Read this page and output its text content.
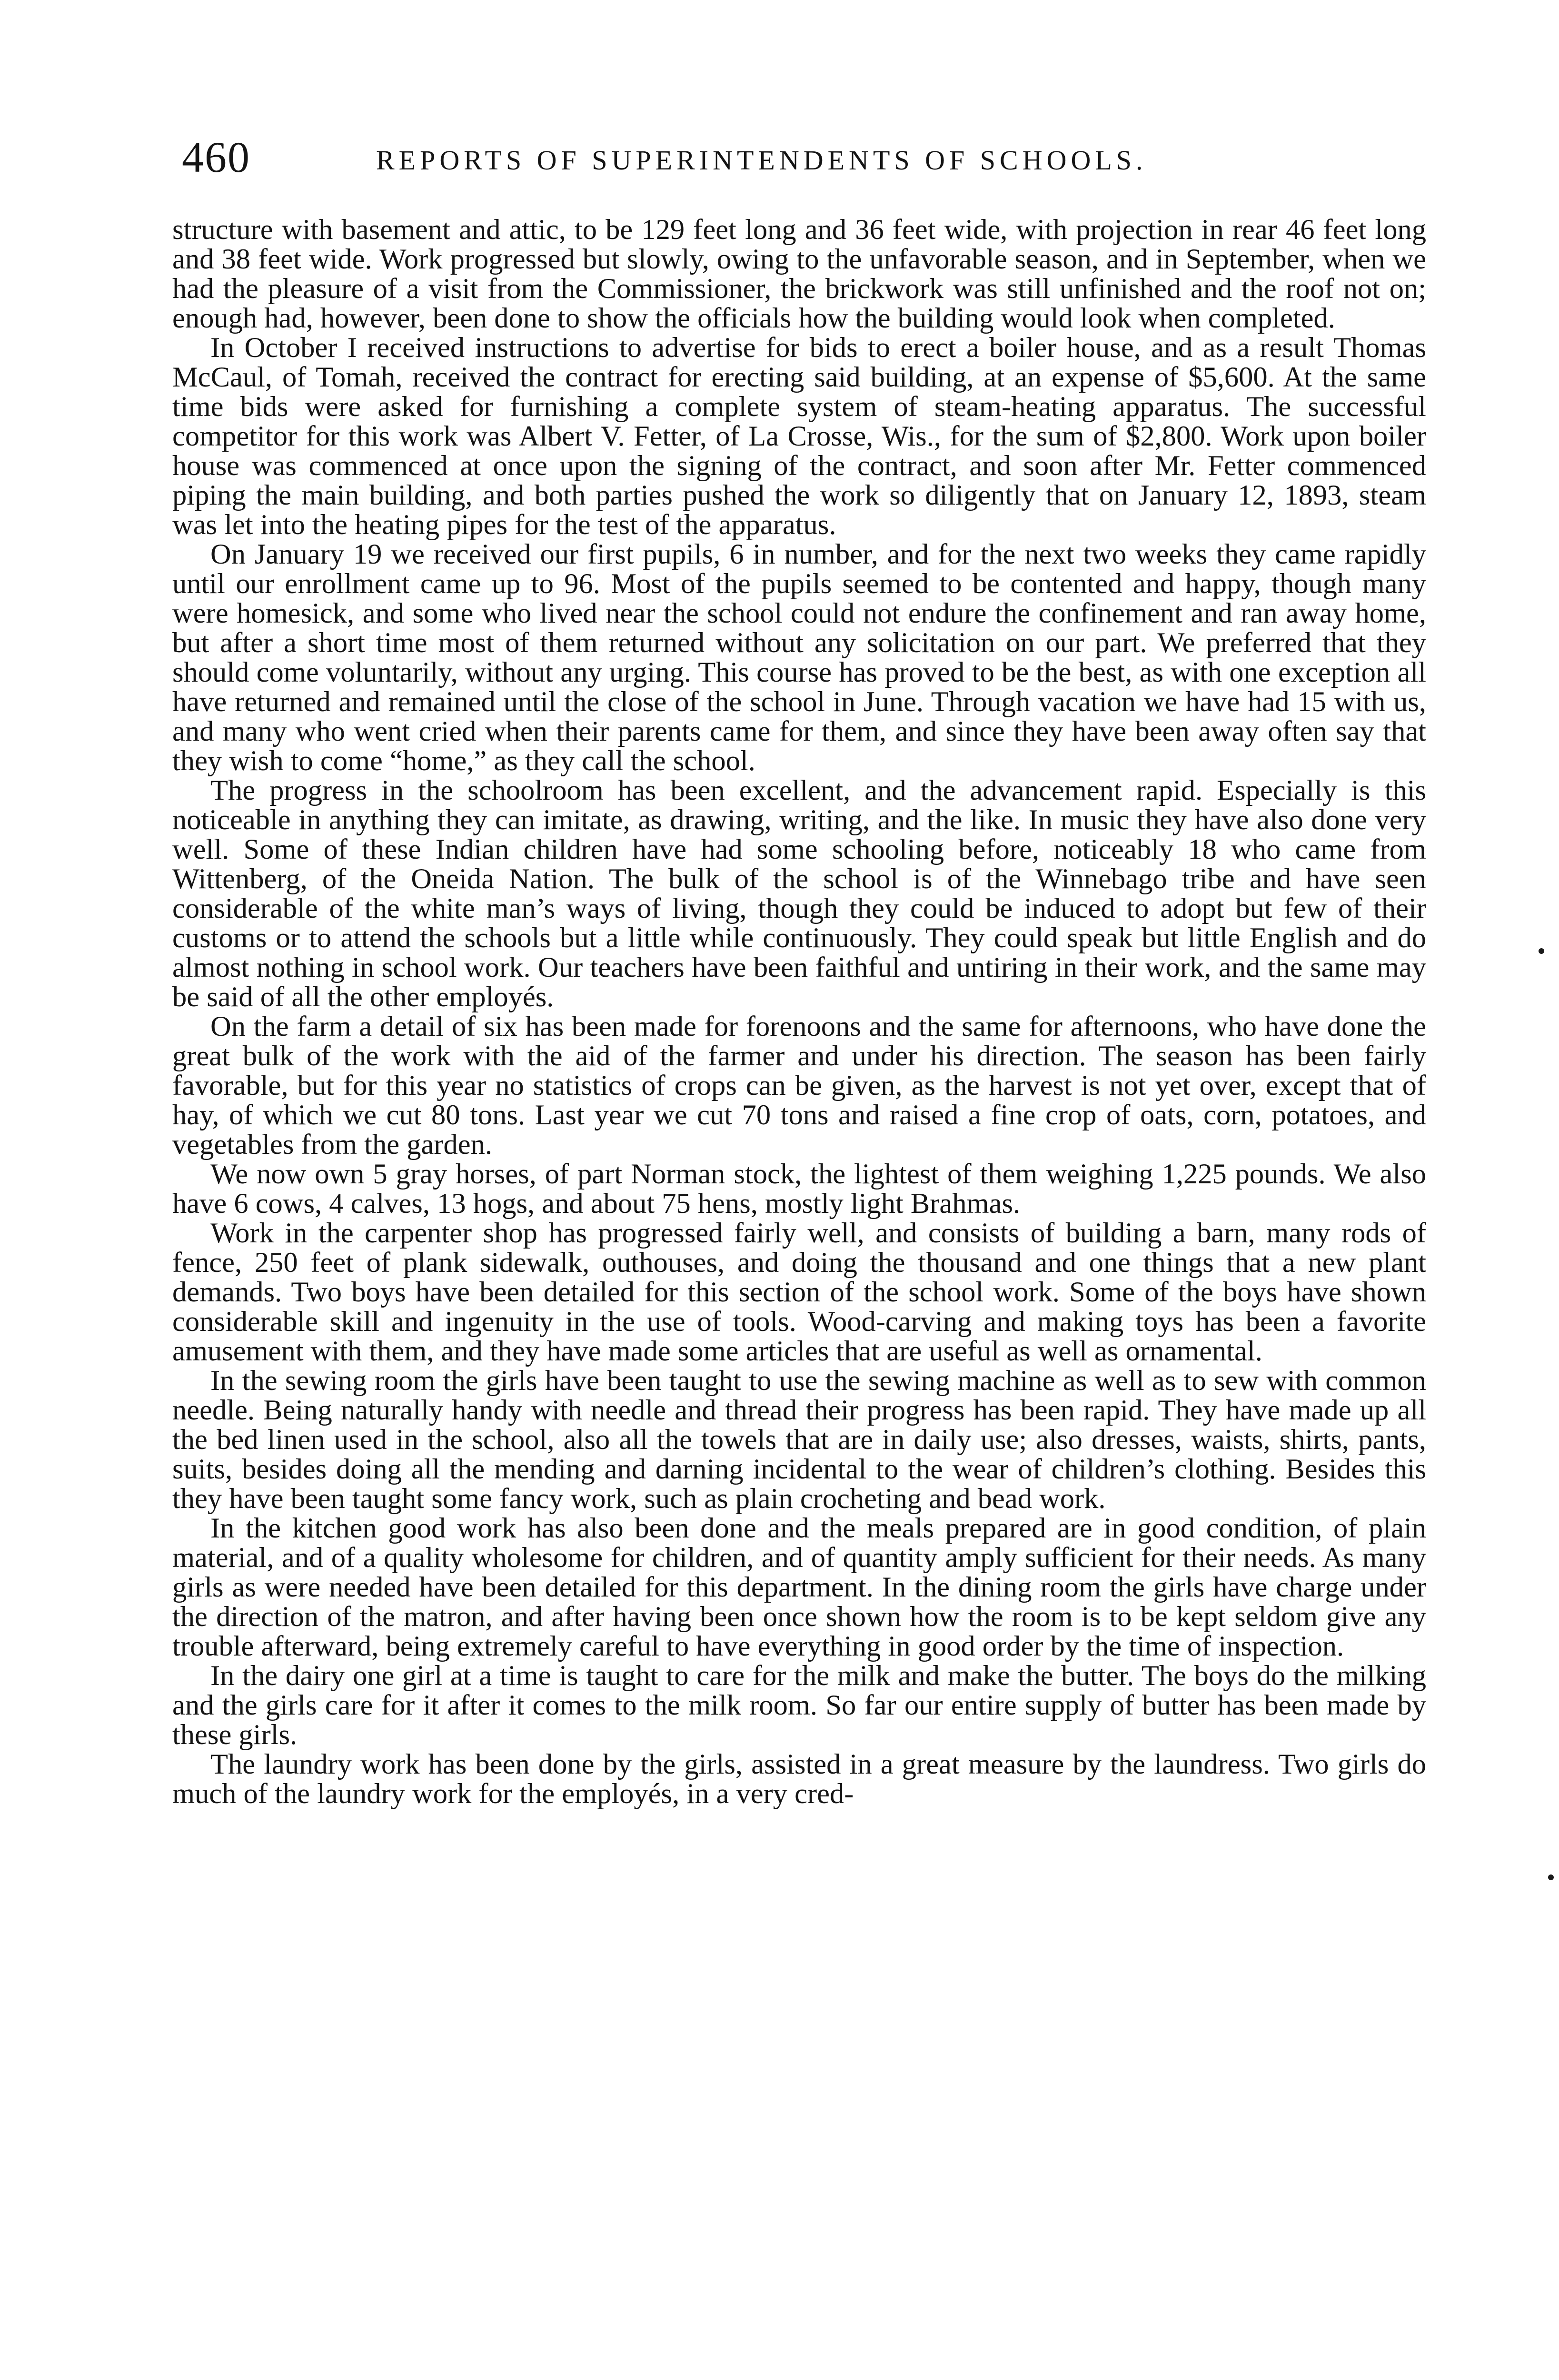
460	REPORTS OF SUPERINTENDENTS OF SCHOOLS.

structure with basement and attic, to be 129 feet long and 36 feet wide, with projection in rear 46 feet long and 38 feet wide. Work progressed but slowly, owing to the unfavorable season, and in September, when we had the pleasure of a visit from the Commissioner, the brickwork was still unfinished and the roof not on; enough had, however, been done to show the officials how the building would look when completed.

In October I received instructions to advertise for bids to erect a boiler house, and as a result Thomas McCaul, of Tomah, received the contract for erecting said building, at an expense of $5,600. At the same time bids were asked for furnishing a complete system of steam-heating apparatus. The successful competitor for this work was Albert V. Fetter, of La Crosse, Wis., for the sum of $2,800. Work upon boiler house was commenced at once upon the signing of the contract, and soon after Mr. Fetter commenced piping the main building, and both parties pushed the work so diligently that on January 12, 1893, steam was let into the heating pipes for the test of the apparatus.

On January 19 we received our first pupils, 6 in number, and for the next two weeks they came rapidly until our enrollment came up to 96. Most of the pupils seemed to be contented and happy, though many were homesick, and some who lived near the school could not endure the confinement and ran away home, but after a short time most of them returned without any solicitation on our part. We preferred that they should come voluntarily, without any urging. This course has proved to be the best, as with one exception all have returned and remained until the close of the school in June. Through vacation we have had 15 with us, and many who went cried when their parents came for them, and since they have been away often say that they wish to come “home,” as they call the school.

The progress in the schoolroom has been excellent, and the advancement rapid. Especially is this noticeable in anything they can imitate, as drawing, writing, and the like. In music they have also done very well. Some of these Indian children have had some schooling before, noticeably 18 who came from Wittenberg, of the Oneida Nation. The bulk of the school is of the Winnebago tribe and have seen considerable of the white man’s ways of living, though they could be induced to adopt but few of their customs or to attend the schools but a little while continuously. They could speak but little English and do almost nothing in school work. Our teachers have been faithful and untiring in their work, and the same may be said of all the other employés.

On the farm a detail of six has been made for forenoons and the same for afternoons, who have done the great bulk of the work with the aid of the farmer and under his direction. The season has been fairly favorable, but for this year no statistics of crops can be given, as the harvest is not yet over, except that of hay, of which we cut 80 tons. Last year we cut 70 tons and raised a fine crop of oats, corn, potatoes, and vegetables from the garden.

We now own 5 gray horses, of part Norman stock, the lightest of them weighing 1,225 pounds. We also have 6 cows, 4 calves, 13 hogs, and about 75 hens, mostly light Brahmas.

Work in the carpenter shop has progressed fairly well, and consists of building a barn, many rods of fence, 250 feet of plank sidewalk, outhouses, and doing the thousand and one things that a new plant demands. Two boys have been detailed for this section of the school work. Some of the boys have shown considerable skill and ingenuity in the use of tools. Wood-carving and making toys has been a favorite amusement with them, and they have made some articles that are useful as well as ornamental.

In the sewing room the girls have been taught to use the sewing machine as well as to sew with common needle. Being naturally handy with needle and thread their progress has been rapid. They have made up all the bed linen used in the school, also all the towels that are in daily use; also dresses, waists, shirts, pants, suits, besides doing all the mending and darning incidental to the wear of children’s clothing. Besides this they have been taught some fancy work, such as plain crocheting and bead work.

In the kitchen good work has also been done and the meals prepared are in good condition, of plain material, and of a quality wholesome for children, and of quantity amply sufficient for their needs. As many girls as were needed have been detailed for this department. In the dining room the girls have charge under the direction of the matron, and after having been once shown how the room is to be kept seldom give any trouble afterward, being extremely careful to have everything in good order by the time of inspection.

In the dairy one girl at a time is taught to care for the milk and make the butter. The boys do the milking and the girls care for it after it comes to the milk room. So far our entire supply of butter has been made by these girls.

The laundry work has been done by the girls, assisted in a great measure by the laundress. Two girls do much of the laundry work for the employés, in a very cred-
